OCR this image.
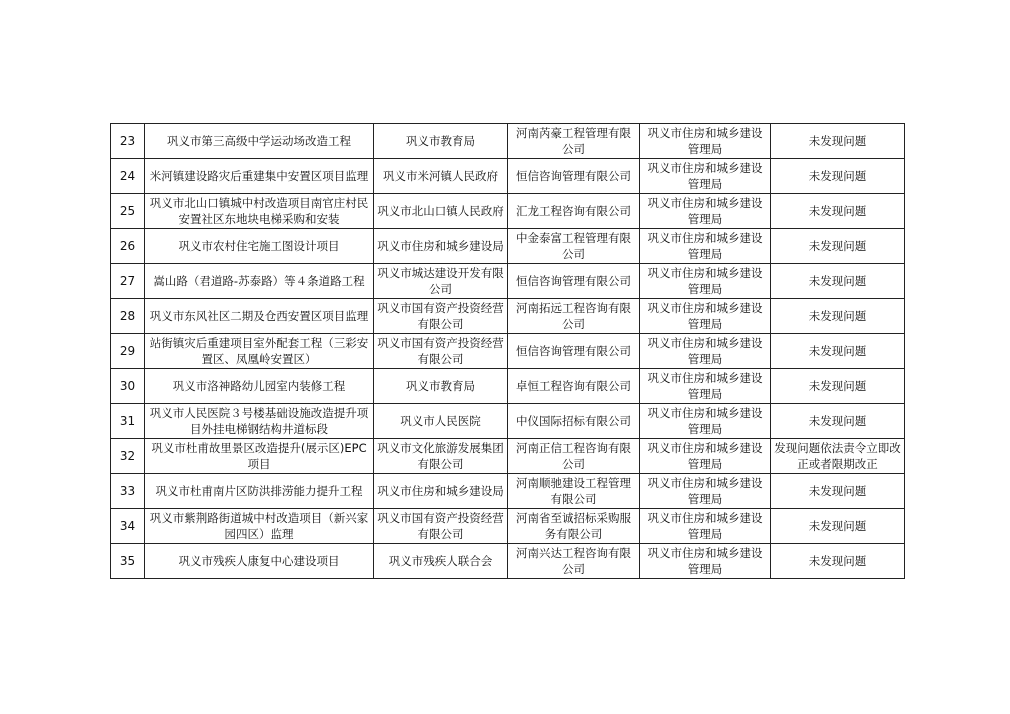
23	巩义市第三高级中学运动场改造工程	巩义市教育局	河南芮豪工程管理有限公司	巩义市住房和城乡建设管理局	未发现问题
24	米河镇建设路灾后重建集中安置区项目监理	巩义市米河镇人民政府	恒信咨询管理有限公司	巩义市住房和城乡建设管理局	未发现问题
25	巩义市北山口镇城中村改造项目南官庄村民安置社区东地块电梯采购和安装	巩义市北山口镇人民政府	汇龙工程咨询有限公司	巩义市住房和城乡建设管理局	未发现问题
26	巩义市农村住宅施工图设计项目	巩义市住房和城乡建设局	中金泰富工程管理有限公司	巩义市住房和城乡建设管理局	未发现问题
27	嵩山路（君道路-苏泰路）等４条道路工程	巩义市城达建设开发有限公司	恒信咨询管理有限公司	巩义市住房和城乡建设管理局	未发现问题
28	巩义市东风社区二期及仓西安置区项目监理	巩义市国有资产投资经营有限公司	河南拓远工程咨询有限公司	巩义市住房和城乡建设管理局	未发现问题
29	站街镇灾后重建项目室外配套工程（三彩安置区、凤凰岭安置区）	巩义市国有资产投资经营有限公司	恒信咨询管理有限公司	巩义市住房和城乡建设管理局	未发现问题
30	巩义市洛神路幼儿园室内装修工程	巩义市教育局	卓恒工程咨询有限公司	巩义市住房和城乡建设管理局	未发现问题
31	巩义市人民医院３号楼基础设施改造提升项目外挂电梯钢结构井道标段	巩义市人民医院	中仪国际招标有限公司	巩义市住房和城乡建设管理局	未发现问题
32	巩义市杜甫故里景区改造提升(展示区)EPC项目	巩义市文化旅游发展集团有限公司	河南正信工程咨询有限公司	巩义市住房和城乡建设管理局	发现问题依法责令立即改正或者限期改正
33	巩义市杜甫南片区防洪排涝能力提升工程	巩义市住房和城乡建设局	河南顺驰建设工程管理有限公司	巩义市住房和城乡建设管理局	未发现问题
34	巩义市紫荆路街道城中村改造项目（新兴家园四区）监理	巩义市国有资产投资经营有限公司	河南省至诚招标采购服务有限公司	巩义市住房和城乡建设管理局	未发现问题
35	巩义市残疾人康复中心建设项目	巩义市残疾人联合会	河南兴达工程咨询有限公司	巩义市住房和城乡建设管理局	未发现问题
